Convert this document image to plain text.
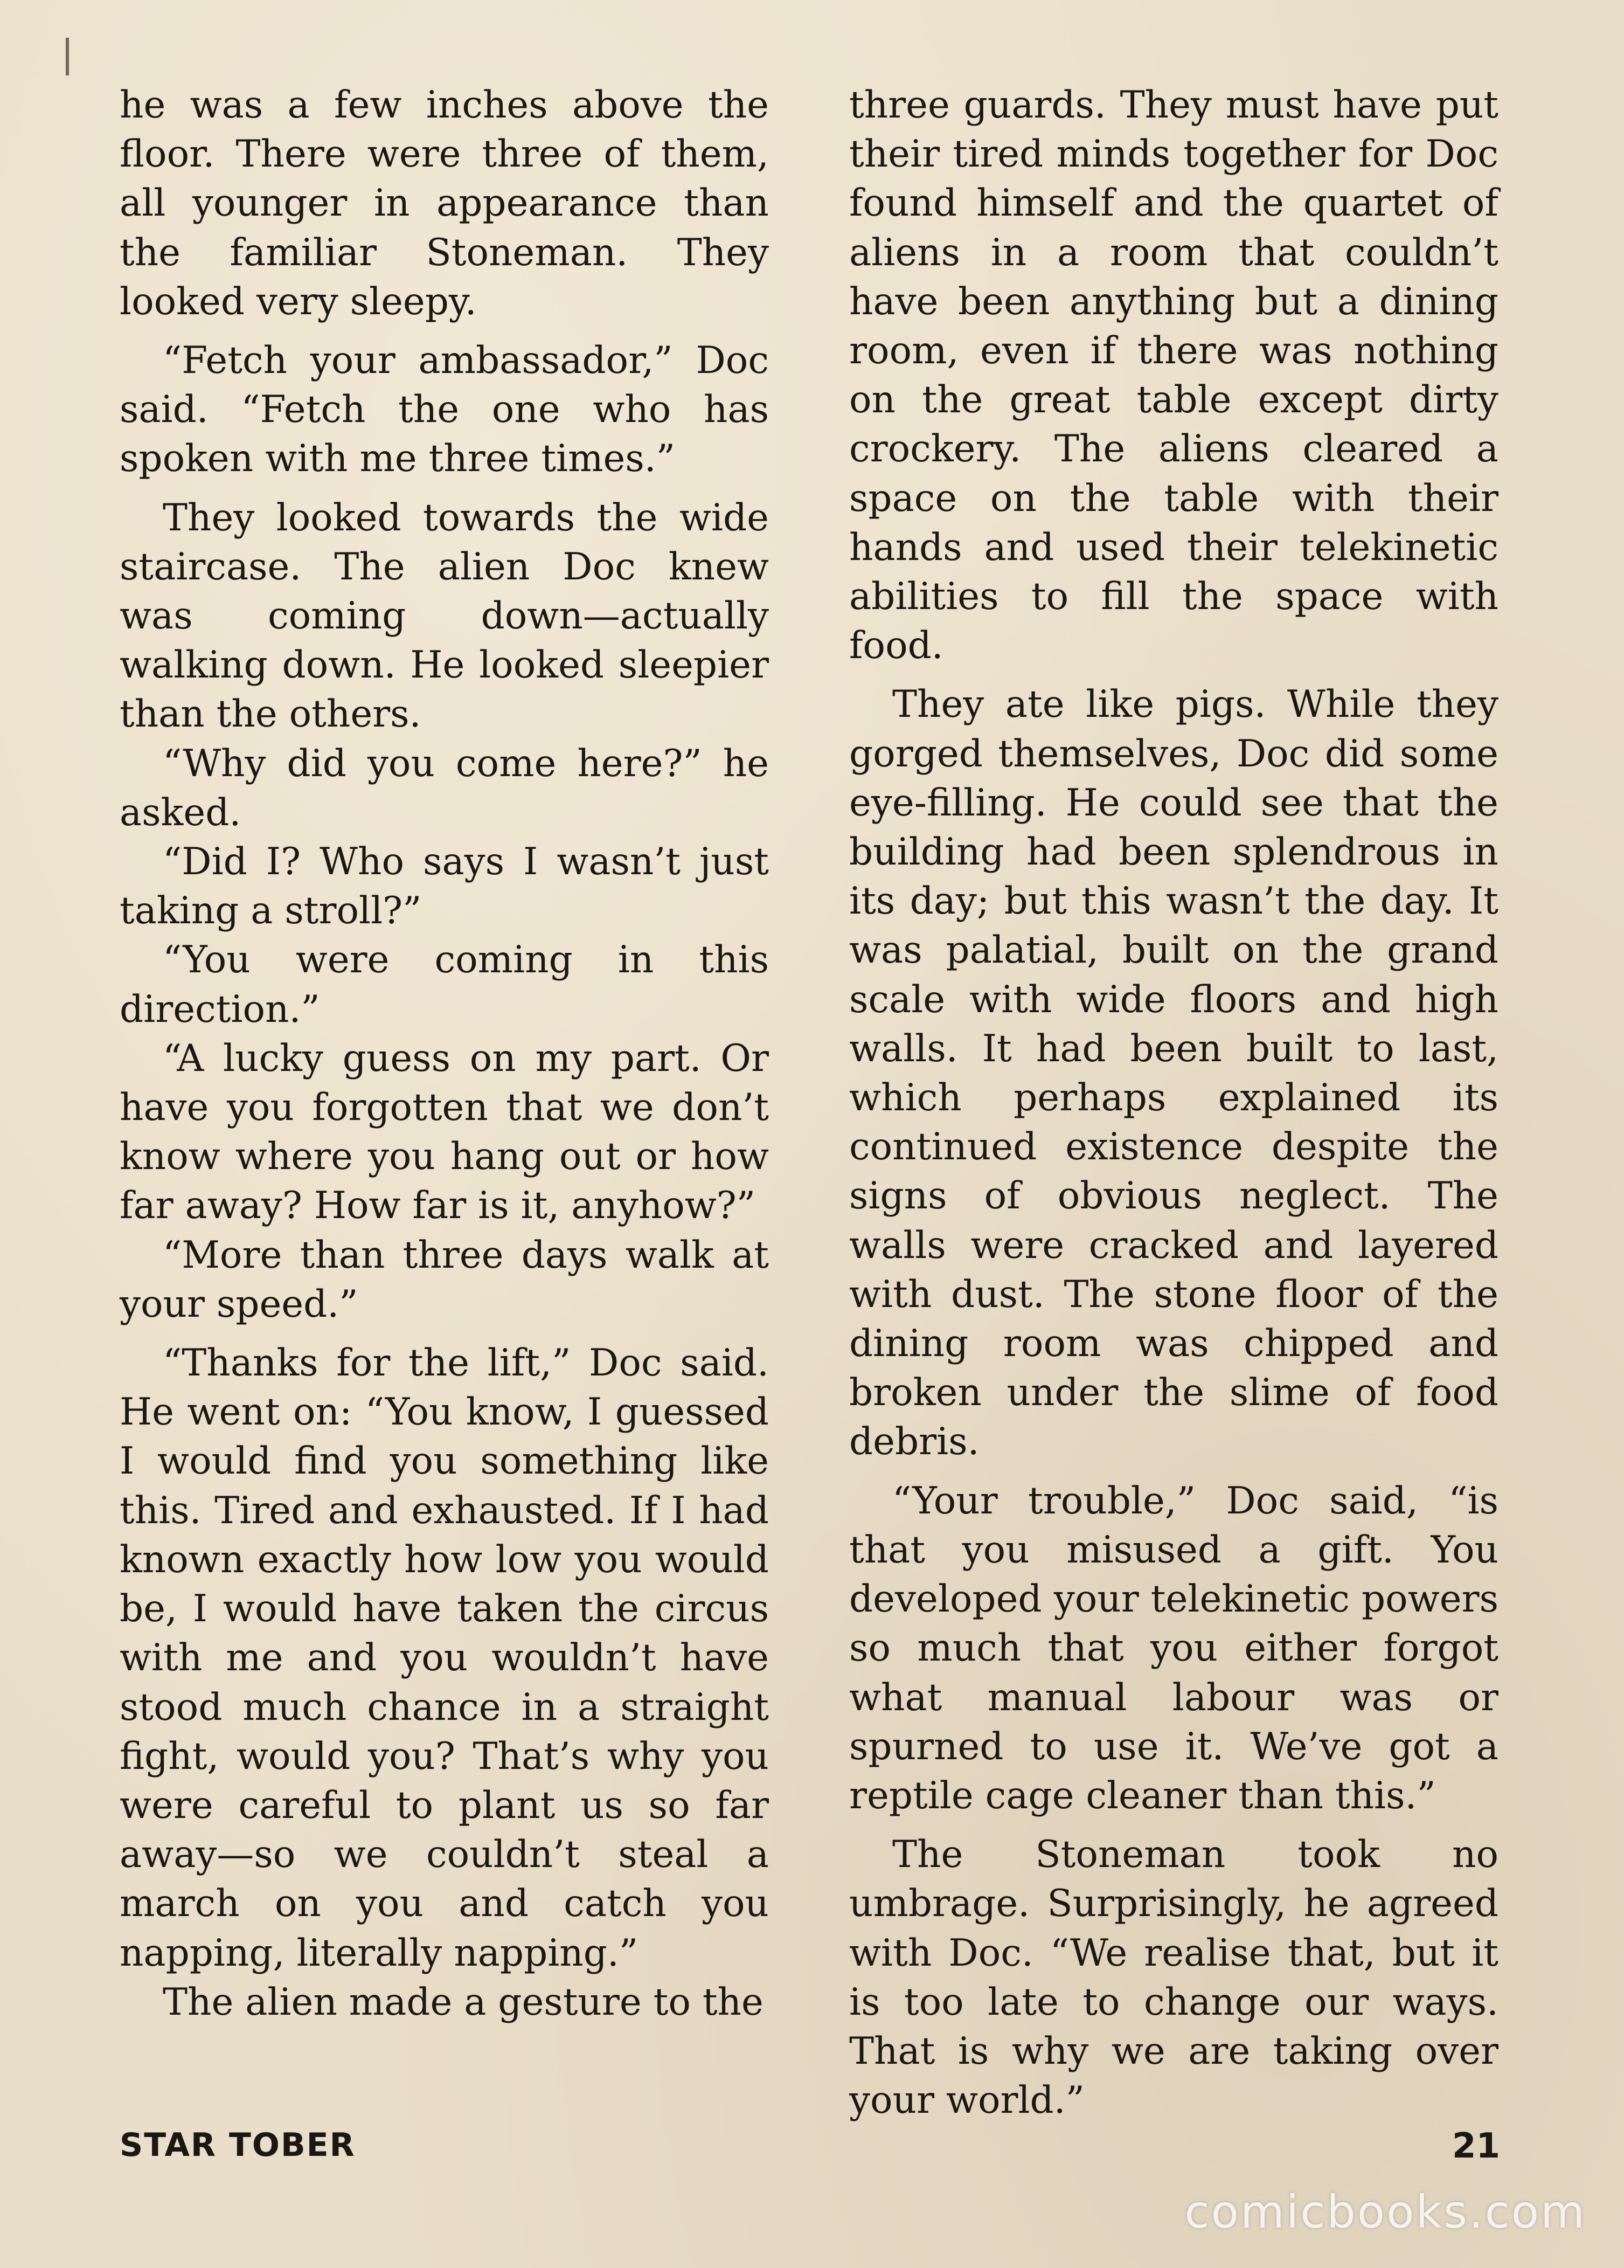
he was a few inches above the floor. There were three of them, all younger in appearance than the familiar Stoneman. They looked very sleepy.

“Fetch your ambassador,” Doc said. “Fetch the one who has spoken with me three times.”

They looked towards the wide staircase. The alien Doc knew was coming down—actually walking down. He looked sleepier than the others.

“Why did you come here?” he asked.

“Did I? Who says I wasn’t just taking a stroll?”

“You were coming in this direction.”

“A lucky guess on my part. Or have you forgotten that we don’t know where you hang out or how far away? How far is it, anyhow?”

“More than three days walk at your speed.”

“Thanks for the lift,” Doc said. He went on: “You know, I guessed I would find you something like this. Tired and exhausted. If I had known exactly how low you would be, I would have taken the circus with me and you wouldn’t have stood much chance in a straight fight, would you? That’s why you were careful to plant us so far away—so we couldn’t steal a march on you and catch you napping, literally napping.”

The alien made a gesture to the

three guards. They must have put their tired minds together for Doc found himself and the quartet of aliens in a room that couldn’t have been anything but a dining room, even if there was nothing on the great table except dirty crockery. The aliens cleared a space on the table with their hands and used their telekinetic abilities to fill the space with food.

They ate like pigs. While they gorged themselves, Doc did some eye-filling. He could see that the building had been splendrous in its day; but this wasn’t the day. It was palatial, built on the grand scale with wide floors and high walls. It had been built to last, which perhaps explained its continued existence despite the signs of obvious neglect. The walls were cracked and layered with dust. The stone floor of the dining room was chipped and broken under the slime of food debris.

“Your trouble,” Doc said, “is that you misused a gift. You developed your telekinetic powers so much that you either forgot what manual labour was or spurned to use it. We’ve got a reptile cage cleaner than this.”

The Stoneman took no umbrage. Surprisingly, he agreed with Doc. “We realise that, but it is too late to change our ways. That is why we are taking over your world.”

STAR TOBER	21
comicbooks.com
